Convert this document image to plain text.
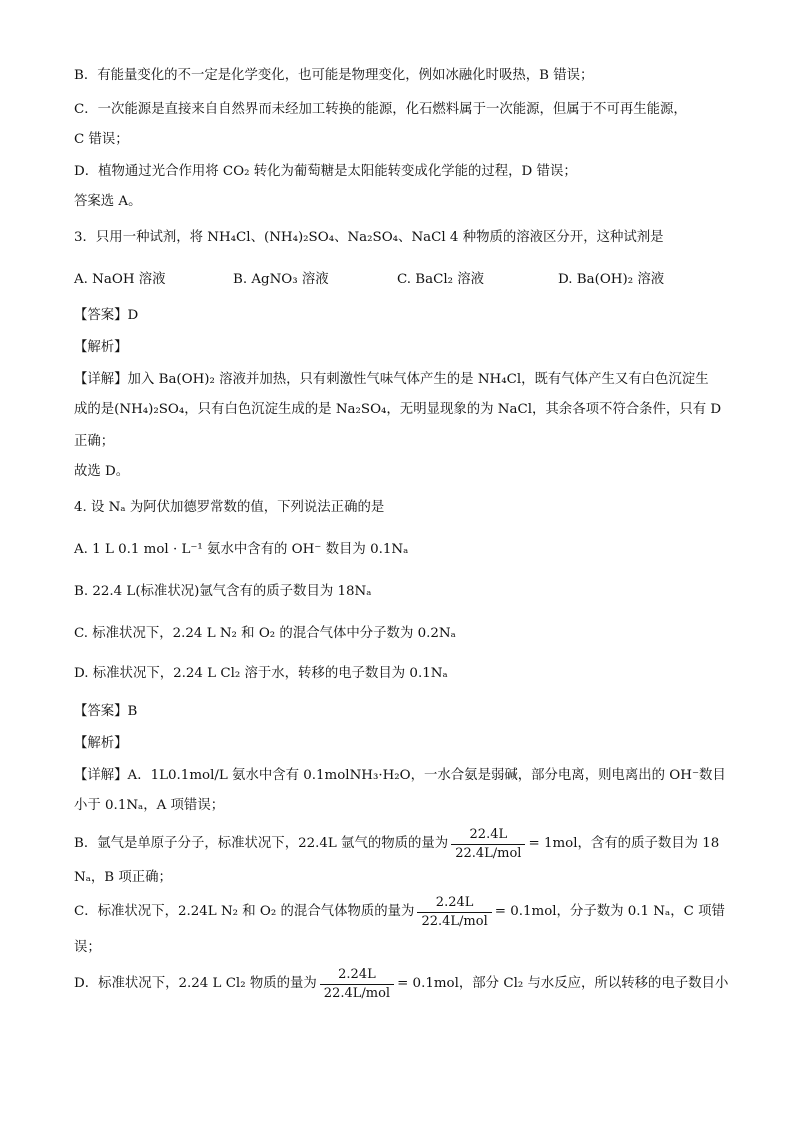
B．有能量变化的不一定是化学变化，也可能是物理变化，例如冰融化时吸热，B 错误；
C．一次能源是直接来自自然界而未经加工转换的能源，化石燃料属于一次能源，但属于不可再生能源，
C 错误；
D．植物通过光合作用将 CO₂ 转化为葡萄糖是太阳能转变成化学能的过程，D 错误；
答案选 A。
3．只用一种试剂，将 NH₄Cl、(NH₄)₂SO₄、Na₂SO₄、NaCl 4 种物质的溶液区分开，这种试剂是
A. NaOH 溶液	B. AgNO₃ 溶液	C. BaCl₂ 溶液	D. Ba(OH)₂ 溶液
【答案】D
【解析】
【详解】加入 Ba(OH)₂ 溶液并加热，只有刺激性气味气体产生的是 NH₄Cl，既有气体产生又有白色沉淀生
成的是(NH₄)₂SO₄，只有白色沉淀生成的是 Na₂SO₄，无明显现象的为 NaCl，其余各项不符合条件，只有 D
正确；
故选 D。
4. 设 Nₐ 为阿伏加德罗常数的值，下列说法正确的是
A. 1 L 0.1 mol · L⁻¹ 氨水中含有的 OH⁻ 数目为 0.1Nₐ
B. 22.4 L(标准状况)氩气含有的质子数目为 18Nₐ
C. 标准状况下，2.24 L N₂ 和 O₂ 的混合气体中分子数为 0.2Nₐ
D. 标准状况下，2.24 L Cl₂ 溶于水，转移的电子数目为 0.1Nₐ
【答案】B
【解析】
【详解】A．1L0.1mol/L 氨水中含有 0.1molNH₃·H₂O，一水合氨是弱碱，部分电离，则电离出的 OH⁻数目
小于 0.1Nₐ，A 项错误；
B．氩气是单原子分子，标准状况下，22.4L 氩气的物质的量为 $\frac{22.4L}{\text{22.4L/mol}} = 1mol$，含有的质子数目为 18
Nₐ，B 项正确；
C．标准状况下，2.24L N₂ 和 O₂ 的混合气体物质的量为 $\frac{2.24L}{\text{22.4L/mol}} = 0.1mol$，分子数为 0.1 Nₐ，C 项错
误；
D．标准状况下，2.24 L Cl₂ 物质的量为 $\frac{2.24L}{\text{22.4L/mol}} = 0.1mol$，部分 Cl₂ 与水反应，所以转移的电子数目小
